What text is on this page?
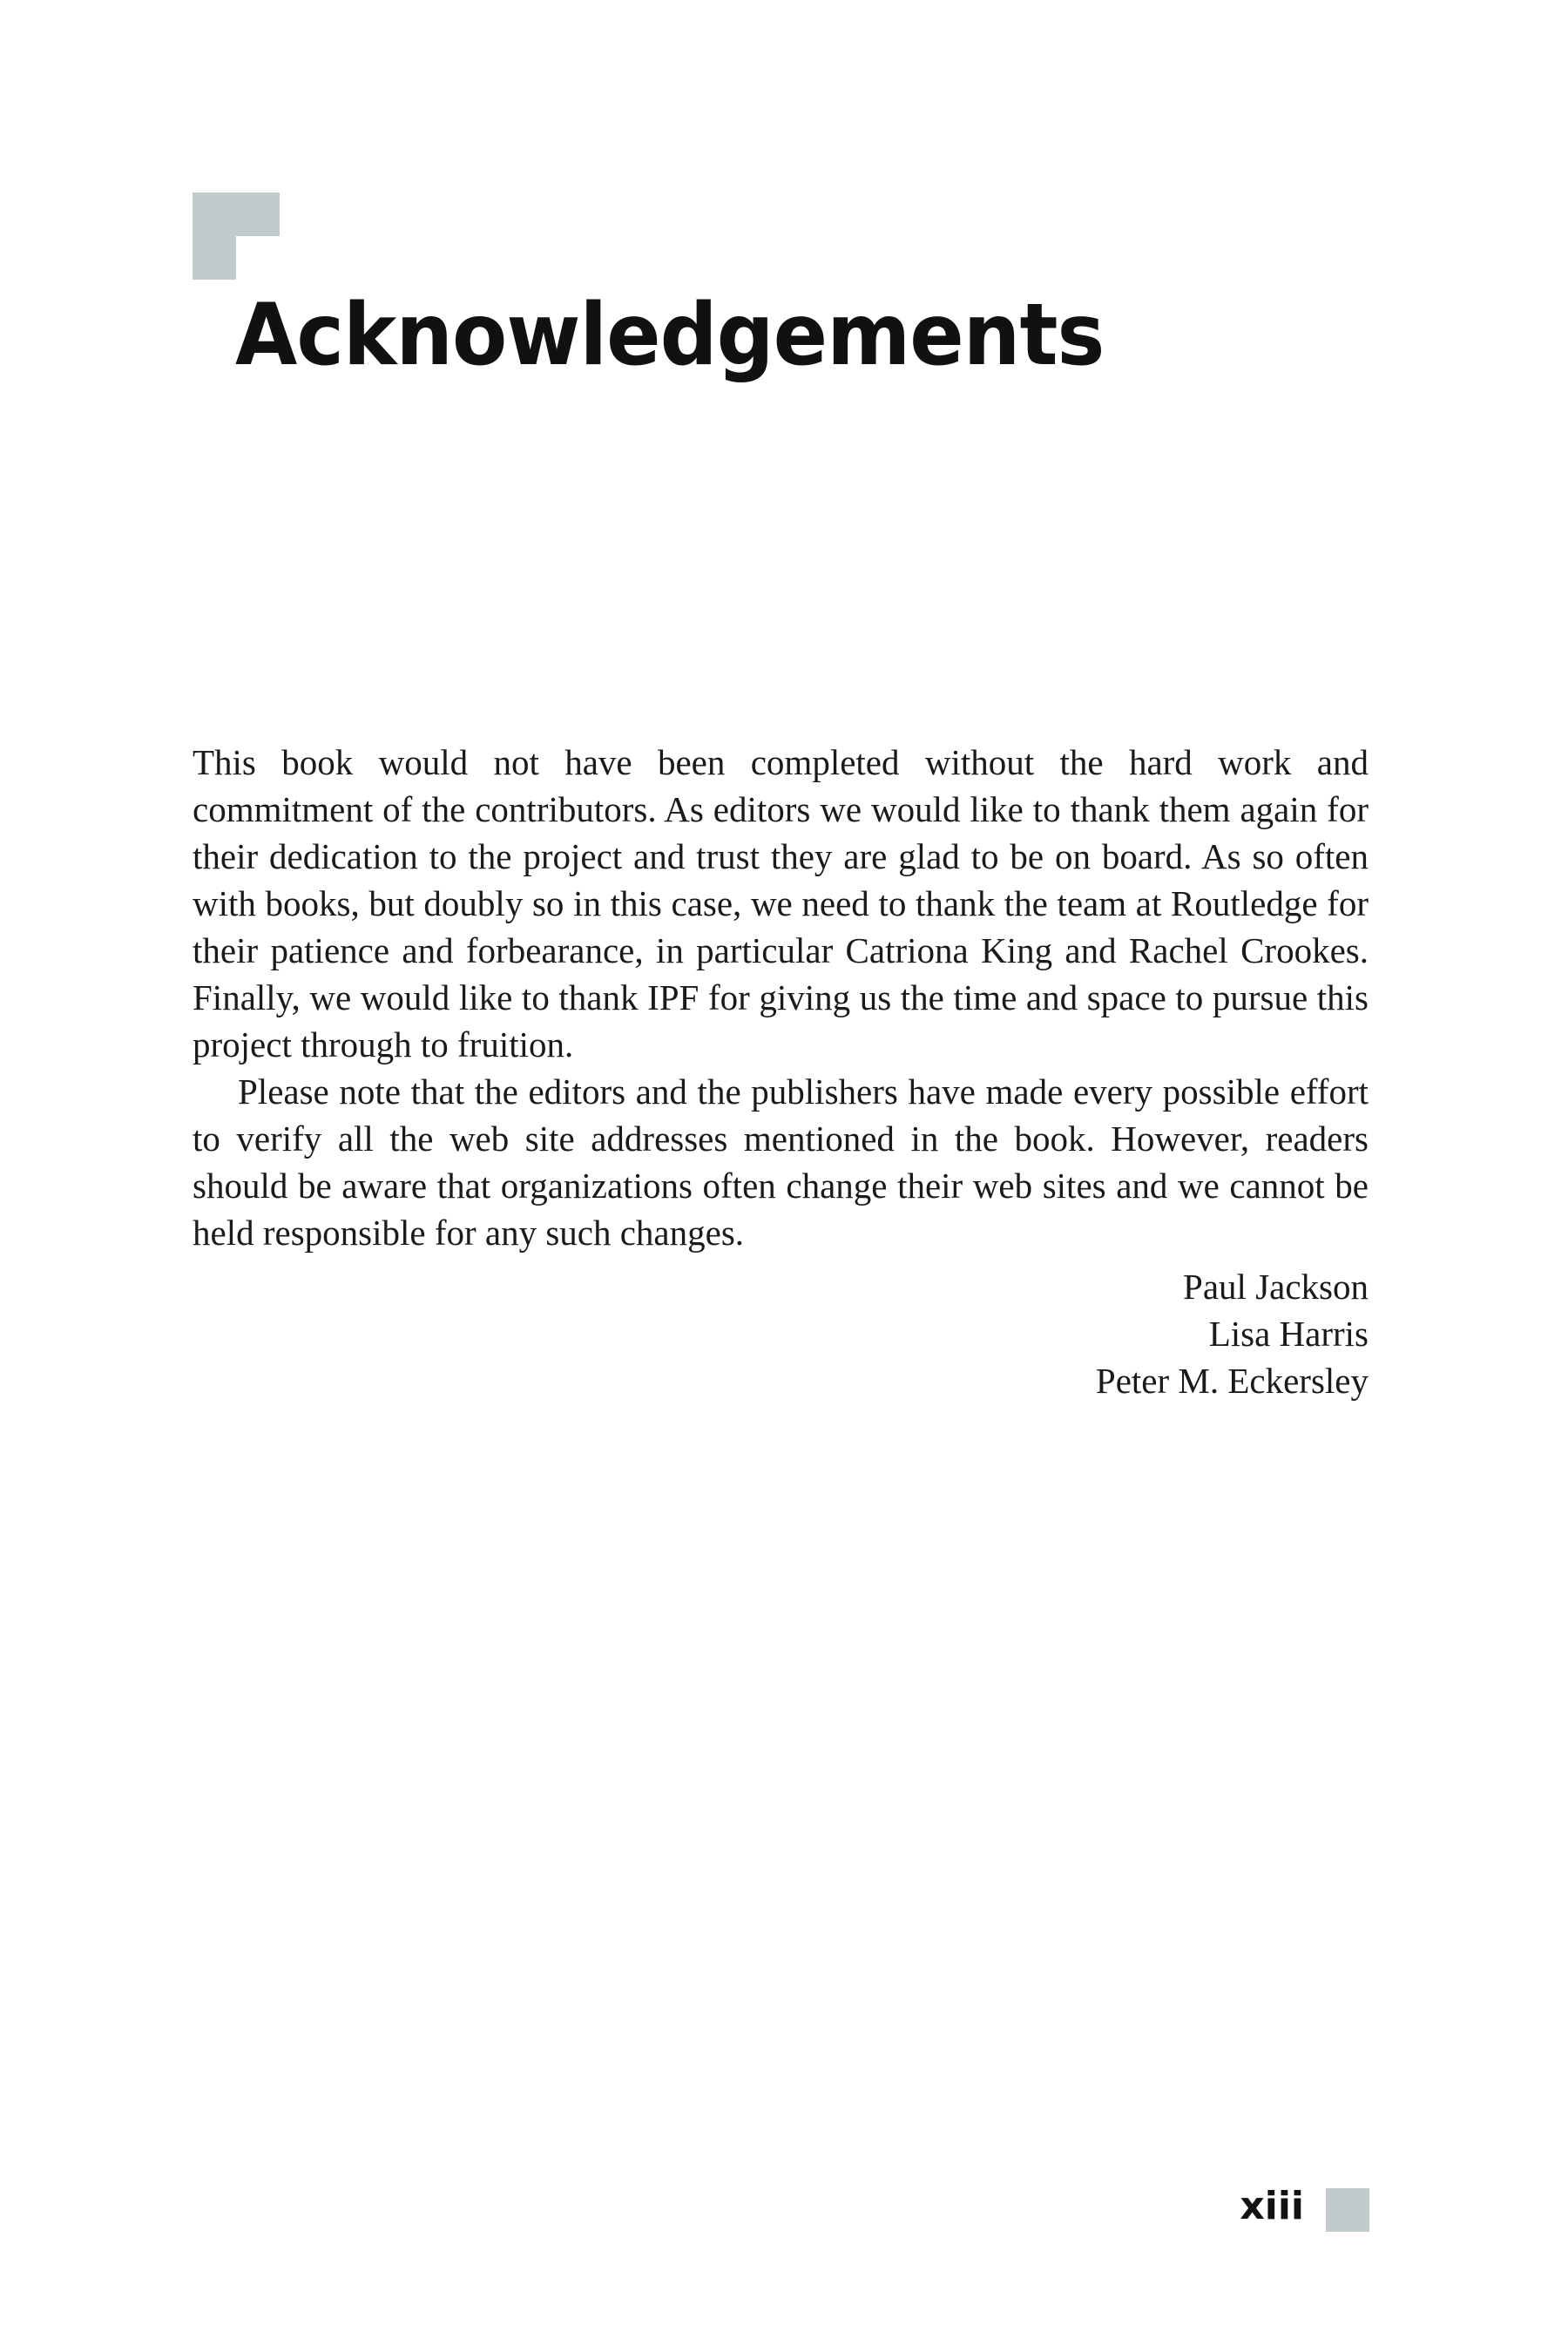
Acknowledgements

This book would not have been completed without the hard work and commitment of the contributors. As editors we would like to thank them again for their dedication to the project and trust they are glad to be on board. As so often with books, but doubly so in this case, we need to thank the team at Routledge for their patience and forbearance, in particular Catriona King and Rachel Crookes. Finally, we would like to thank IPF for giving us the time and space to pursue this project through to fruition.

Please note that the editors and the publishers have made every possible effort to verify all the web site addresses mentioned in the book. However, readers should be aware that organizations often change their web sites and we cannot be held responsible for any such changes.

Paul Jackson
Lisa Harris
Peter M. Eckersley
xiii
